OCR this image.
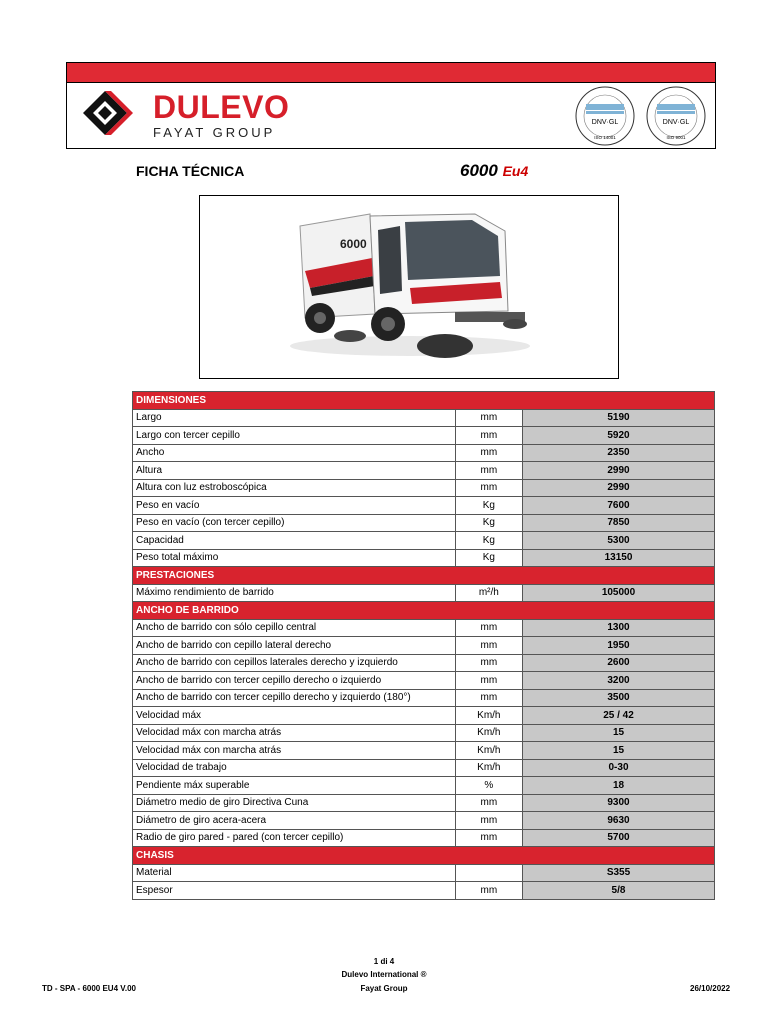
DULEVO
FAYAT GROUP
DNV·GL
ISO 14001
DNV·GL
ISO 9001
FICHA TÉCNICA	6000 Eu4
6000
DIMENSIONES		
Largo	mm	5190
Largo con tercer cepillo	mm	5920
Ancho	mm	2350
Altura	mm	2990
Altura con luz estroboscópica	mm	2990
Peso en vacío	Kg	7600
Peso en vacío (con tercer cepillo)	Kg	7850
Capacidad	Kg	5300
Peso total máximo	Kg	13150
PRESTACIONES		
Máximo rendimiento de barrido	m²/h	105000
ANCHO DE BARRIDO		
Ancho de barrido con sólo cepillo central	mm	1300
Ancho de barrido con cepillo lateral derecho	mm	1950
Ancho de barrido con cepillos laterales derecho y izquierdo	mm	2600
Ancho de barrido con tercer cepillo derecho o izquierdo	mm	3200
Ancho de barrido con tercer cepillo derecho y izquierdo (180°)	mm	3500
Velocidad máx	Km/h	25 / 42
Velocidad máx con marcha atrás	Km/h	15
Velocidad máx con marcha atrás	Km/h	15
Velocidad de trabajo	Km/h	0-30
Pendiente máx superable	%	18
Diámetro medio de giro Directiva Cuna	mm	9300
Diámetro de giro acera-acera	mm	9630
Radio de giro pared - pared (con tercer cepillo)	mm	5700
CHASIS		
Material		S355
Espesor	mm	5/8
1 di 4
Dulevo International ®
Fayat Group
TD - SPA - 6000 EU4 V.00	26/10/2022
